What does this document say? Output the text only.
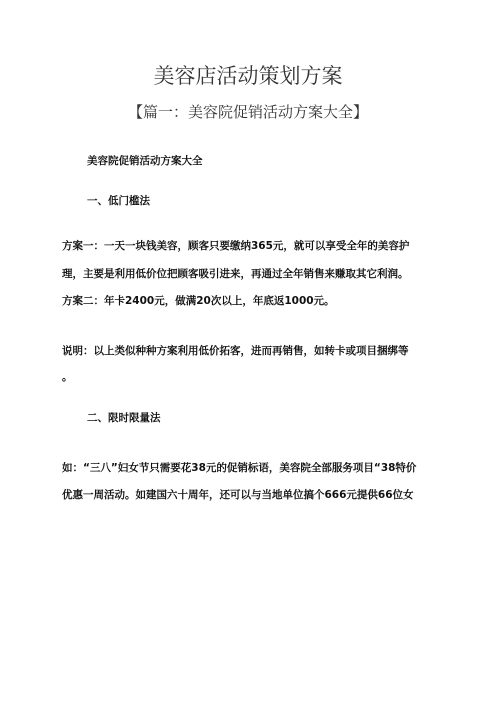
美容店活动策划方案
【篇一：美容院促销活动方案大全】
美容院促销活动方案大全
一、低门槛法
方案一：一天一块钱美容，顾客只要缴纳365元，就可以享受全年的美容护
理，主要是利用低价位把顾客吸引进来，再通过全年销售来赚取其它利润。
方案二：年卡2400元，做满20次以上，年底返1000元。
说明：以上类似种种方案利用低价拓客，进而再销售，如转卡或项目捆绑等
。
二、限时限量法
如：“三八”妇女节只需要花38元的促销标语，美容院全部服务项目“38特价
优惠一周活动。如建国六十周年，还可以与当地单位搞个666元提供66位女
